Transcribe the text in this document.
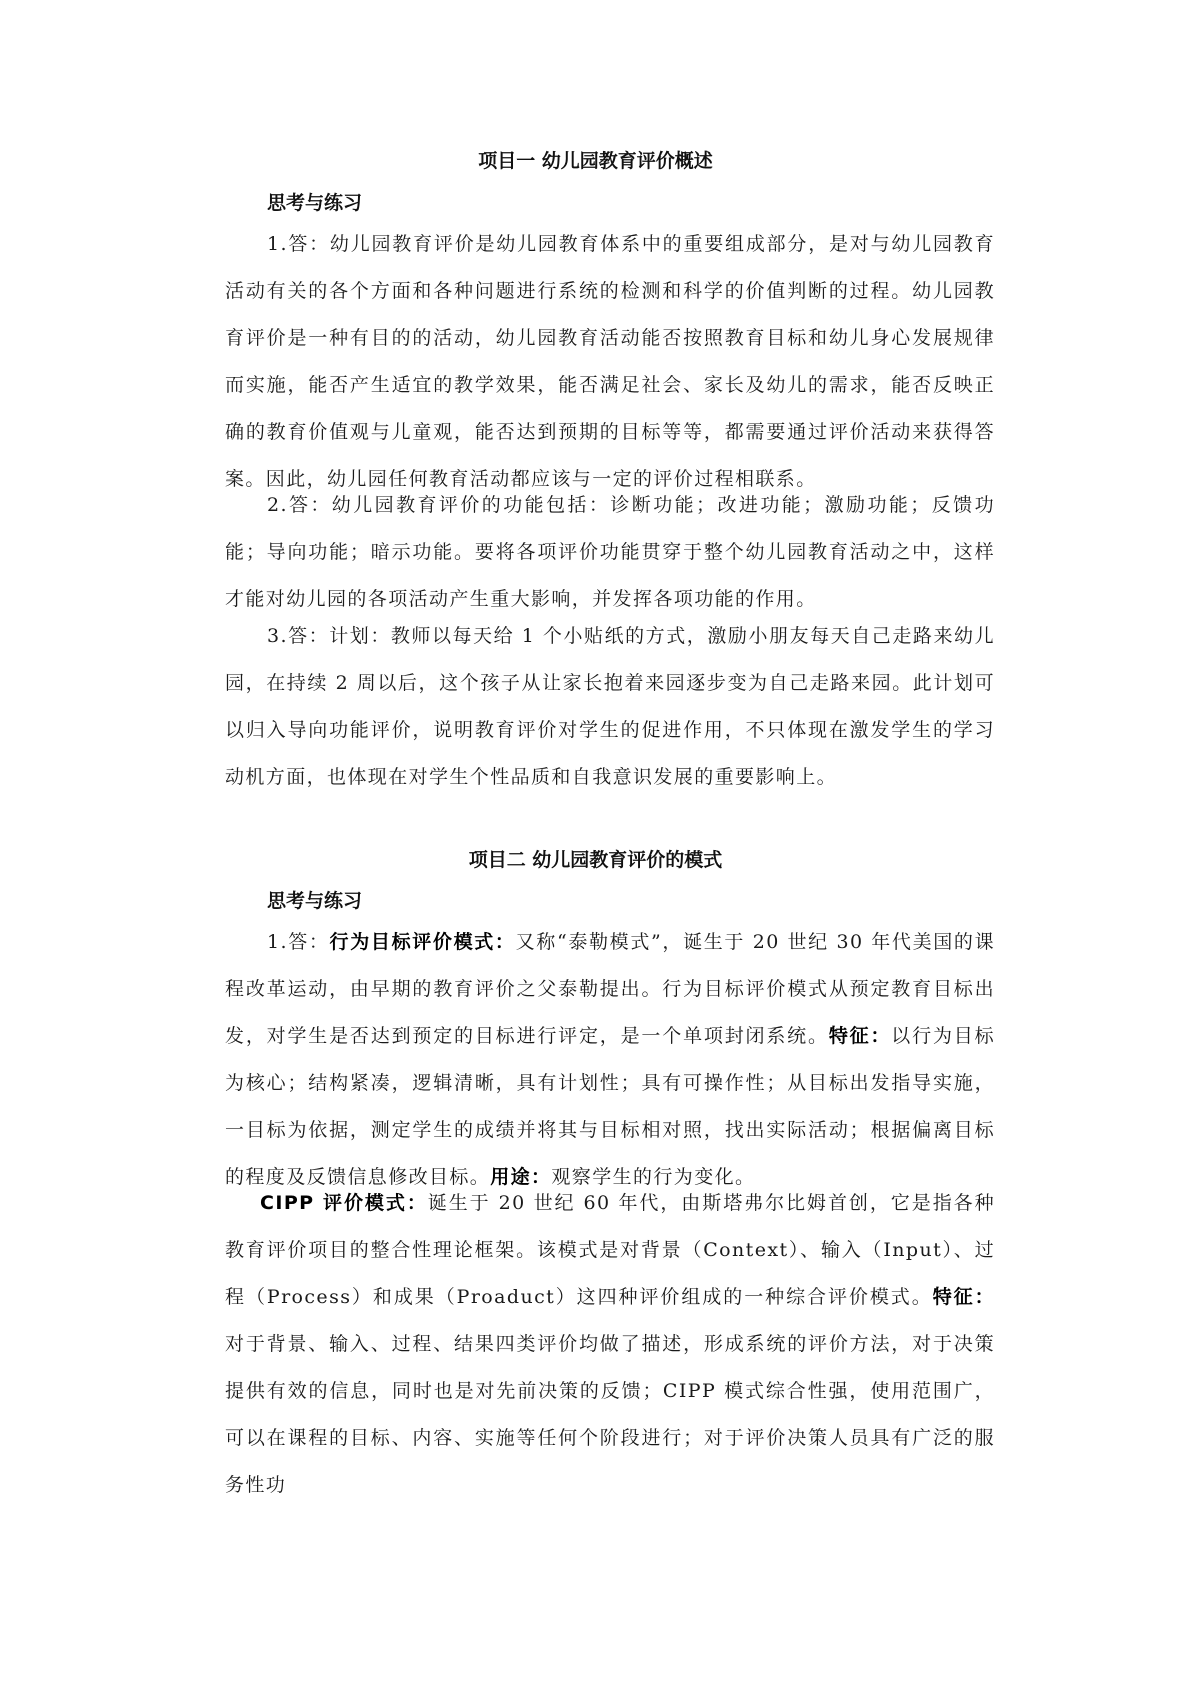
项目一 幼儿园教育评价概述
思考与练习

1.答：幼儿园教育评价是幼儿园教育体系中的重要组成部分，是对与幼儿园教育活动有关的各个方面和各种问题进行系统的检测和科学的价值判断的过程。幼儿园教育评价是一种有目的的活动，幼儿园教育活动能否按照教育目标和幼儿身心发展规律而实施，能否产生适宜的教学效果，能否满足社会、家长及幼儿的需求，能否反映正确的教育价值观与儿童观，能否达到预期的目标等等，都需要通过评价活动来获得答案。因此，幼儿园任何教育活动都应该与一定的评价过程相联系。

2.答：幼儿园教育评价的功能包括：诊断功能；改进功能；激励功能；反馈功能；导向功能；暗示功能。要将各项评价功能贯穿于整个幼儿园教育活动之中，这样才能对幼儿园的各项活动产生重大影响，并发挥各项功能的作用。

3.答：计划：教师以每天给 1 个小贴纸的方式，激励小朋友每天自己走路来幼儿园，在持续 2 周以后，这个孩子从让家长抱着来园逐步变为自己走路来园。此计划可以归入导向功能评价，说明教育评价对学生的促进作用，不只体现在激发学生的学习动机方面，也体现在对学生个性品质和自我意识发展的重要影响上。

项目二 幼儿园教育评价的模式
思考与练习

1.答：行为目标评价模式：又称“泰勒模式”，诞生于 20 世纪 30 年代美国的课程改革运动，由早期的教育评价之父泰勒提出。行为目标评价模式从预定教育目标出发，对学生是否达到预定的目标进行评定，是一个单项封闭系统。特征：以行为目标为核心；结构紧凑，逻辑清晰，具有计划性；具有可操作性；从目标出发指导实施，一目标为依据，测定学生的成绩并将其与目标相对照，找出实际活动；根据偏离目标的程度及反馈信息修改目标。用途：观察学生的行为变化。

CIPP 评价模式：诞生于 20 世纪 60 年代，由斯塔弗尔比姆首创，它是指各种教育评价项目的整合性理论框架。该模式是对背景（Context）、输入（Input）、过程（Process）和成果（Proaduct）这四种评价组成的一种综合评价模式。特征：对于背景、输入、过程、结果四类评价均做了描述，形成系统的评价方法，对于决策提供有效的信息，同时也是对先前决策的反馈；CIPP 模式综合性强，使用范围广，可以在课程的目标、内容、实施等任何个阶段进行；对于评价决策人员具有广泛的服务性功
